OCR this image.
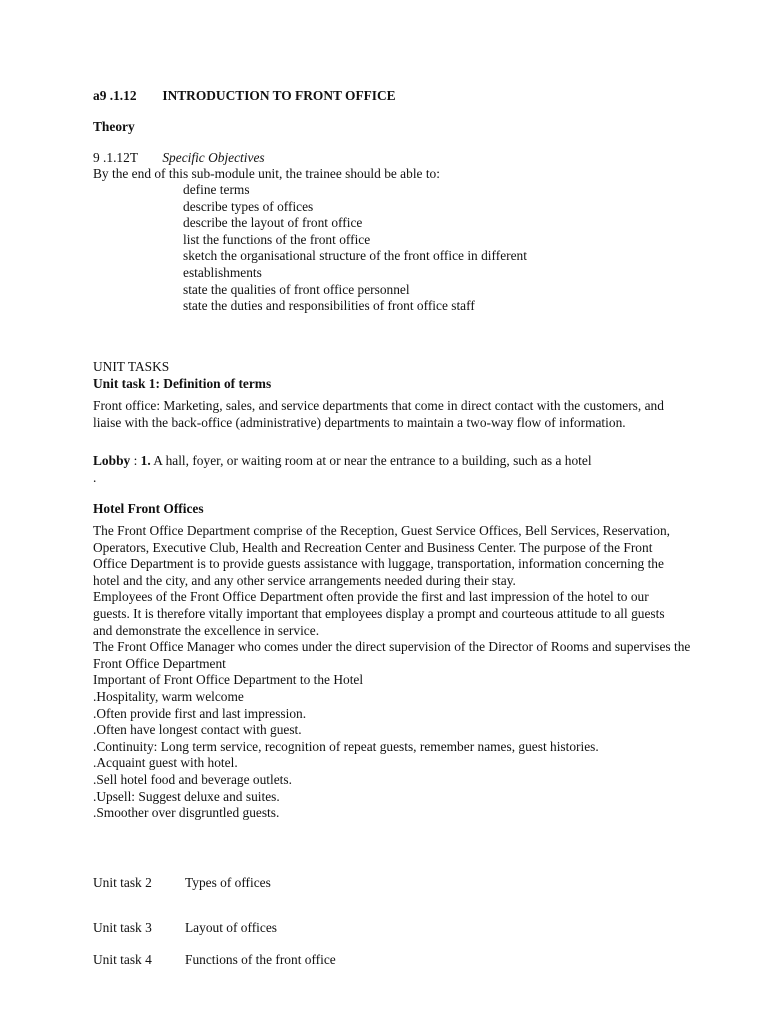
a9 .1.12 INTRODUCTION TO FRONT OFFICE
Theory
9 .1.12T Specific Objectives
By the end of this sub-module unit, the trainee should be able to:
define terms
describe types of offices
describe the layout of front office
list the functions of the front office
sketch the organisational structure of the front office in different establishments
state the qualities of front office personnel
state the duties and responsibilities of front office staff
UNIT TASKS
Unit task 1: Definition of terms
Front office: Marketing, sales, and service departments that come in direct contact with the customers, and liaise with the back-office (administrative) departments to maintain a two-way flow of information.
Lobby : 1. A hall, foyer, or waiting room at or near the entrance to a building, such as a hotel
.
Hotel Front Offices
The Front Office Department comprise of the Reception, Guest Service Offices, Bell Services, Reservation, Operators, Executive Club, Health and Recreation Center and Business Center. The purpose of the Front Office Department is to provide guests assistance with luggage, transportation, information concerning the hotel and the city, and any other service arrangements needed during their stay.
Employees of the Front Office Department often provide the first and last impression of the hotel to our guests. It is therefore vitally important that employees display a prompt and courteous attitude to all guests and demonstrate the excellence in service.
The Front Office Manager who comes under the direct supervision of the Director of Rooms and supervises the Front Office Department
Important of Front Office Department to the Hotel
.Hospitality, warm welcome
.Often provide first and last impression.
.Often have longest contact with guest.
.Continuity: Long term service, recognition of repeat guests, remember names, guest histories.
.Acquaint guest with hotel.
.Sell hotel food and beverage outlets.
.Upsell: Suggest deluxe and suites.
.Smoother over disgruntled guests.
Unit task 2 Types of offices
Unit task 3 Layout of offices
Unit task 4 Functions of the front office
